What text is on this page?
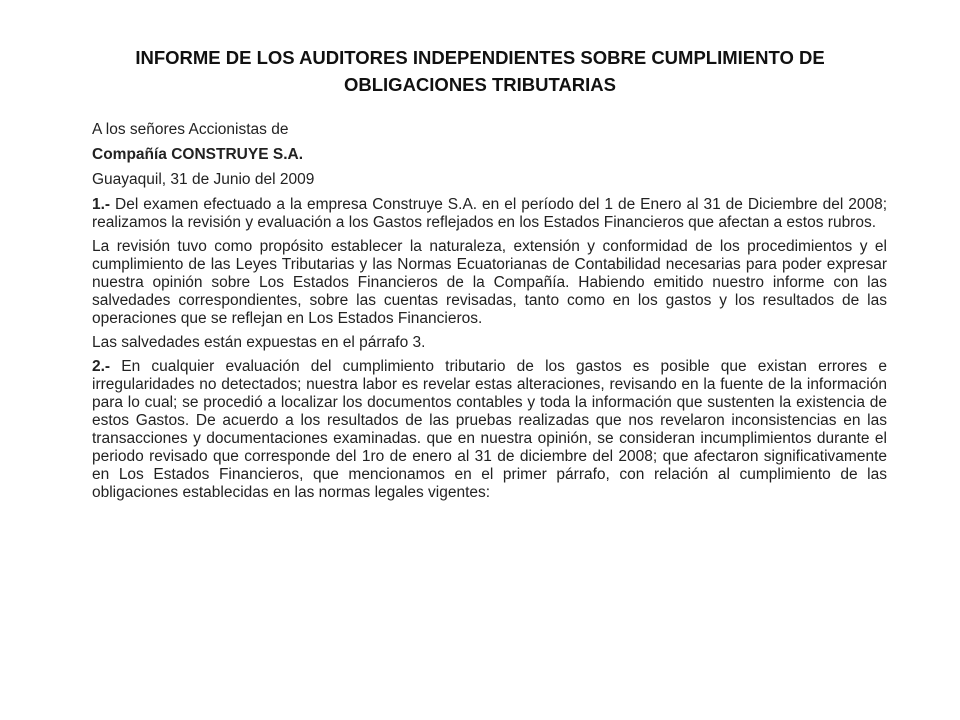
INFORME DE LOS AUDITORES INDEPENDIENTES SOBRE CUMPLIMIENTO DE OBLIGACIONES TRIBUTARIAS

A los señores Accionistas de

Compañía CONSTRUYE S.A.

Guayaquil, 31 de Junio del 2009

1.- Del examen efectuado a la empresa Construye S.A. en el período del 1 de Enero al 31 de Diciembre del 2008; realizamos la revisión y evaluación a los Gastos reflejados en los Estados Financieros que afectan a estos rubros.

La revisión tuvo como propósito establecer la naturaleza, extensión y conformidad de los procedimientos y el cumplimiento de las Leyes Tributarias y las Normas Ecuatorianas de Contabilidad necesarias para poder expresar nuestra opinión sobre Los Estados Financieros de la Compañía. Habiendo emitido nuestro informe con las salvedades correspondientes, sobre las cuentas revisadas, tanto como en los gastos y los resultados de las operaciones que se reflejan en Los Estados Financieros.

Las salvedades están expuestas en el párrafo 3.

2.- En cualquier evaluación del cumplimiento tributario de los gastos es posible que existan errores e irregularidades no detectados; nuestra labor es revelar estas alteraciones, revisando en la fuente de la información para lo cual; se procedió a localizar los documentos contables y toda la información que sustenten la existencia de estos Gastos. De acuerdo a los resultados de las pruebas realizadas que nos revelaron inconsistencias en las transacciones y documentaciones examinadas. que en nuestra opinión, se consideran incumplimientos durante el periodo revisado que corresponde del 1ro de enero al 31 de diciembre del 2008; que afectaron significativamente en Los Estados Financieros, que mencionamos en el primer párrafo, con relación al cumplimiento de las obligaciones establecidas en las normas legales vigentes:
